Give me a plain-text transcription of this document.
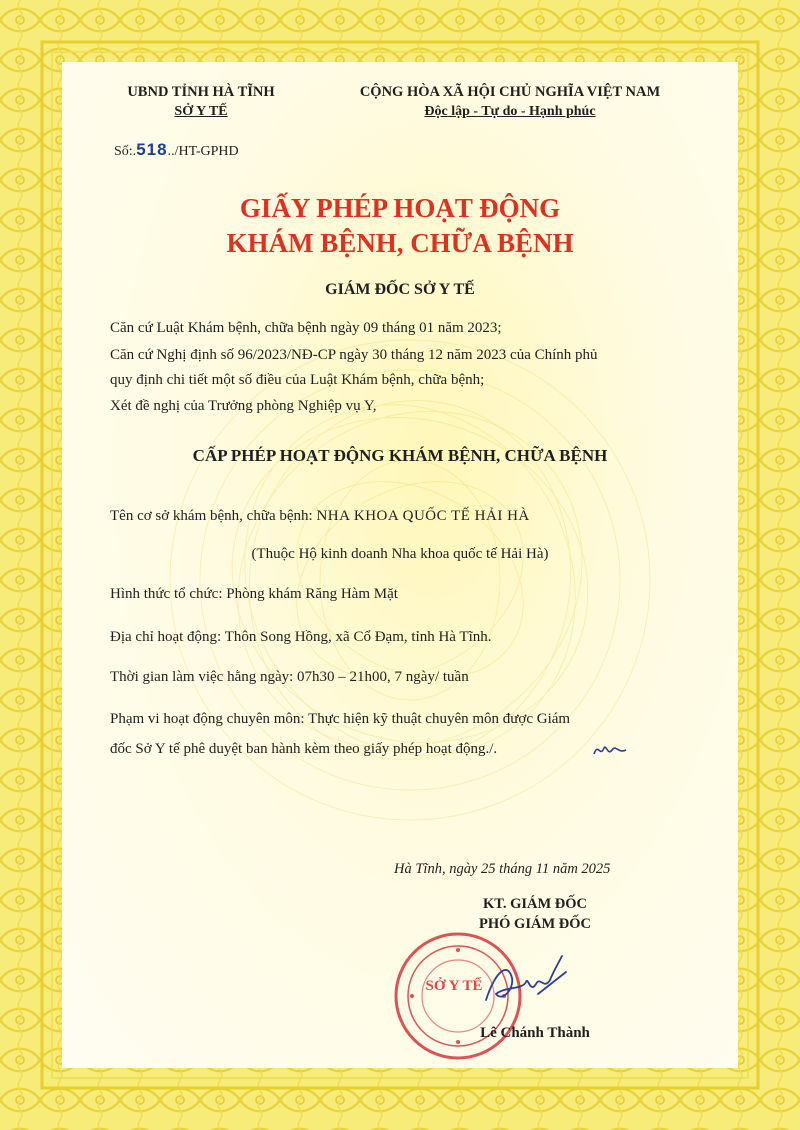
UBND TỈNH HÀ TĨNH
SỞ Y TẾ
Số:.518../HT-GPHD
CỘNG HÒA XÃ HỘI CHỦ NGHĨA VIỆT NAM
Độc lập - Tự do - Hạnh phúc
GIẤY PHÉP HOẠT ĐỘNG
KHÁM BỆNH, CHỮA BỆNH
GIÁM ĐỐC SỞ Y TẾ
Căn cứ Luật Khám bệnh, chữa bệnh ngày 09 tháng 01 năm 2023;
Căn cứ Nghị định số 96/2023/NĐ-CP ngày 30 tháng 12 năm 2023 của Chính phủ
quy định chi tiết một số điều của Luật Khám bệnh, chữa bệnh;
Xét đề nghị của Trưởng phòng Nghiệp vụ Y,
CẤP PHÉP HOẠT ĐỘNG KHÁM BỆNH, CHỮA BỆNH
Tên cơ sở khám bệnh, chữa bệnh: NHA KHOA QUỐC TẾ HẢI HÀ
(Thuộc Hộ kinh doanh Nha khoa quốc tế Hải Hà)
Hình thức tổ chức: Phòng khám Răng Hàm Mặt
Địa chỉ hoạt động: Thôn Song Hồng, xã Cổ Đạm, tỉnh Hà Tĩnh.
Thời gian làm việc hằng ngày: 07h30 – 21h00, 7 ngày/ tuần
Phạm vi hoạt động chuyên môn: Thực hiện kỹ thuật chuyên môn được Giám
đốc Sở Y tế phê duyệt ban hành kèm theo giấy phép hoạt động./.
Hà Tĩnh, ngày 25 tháng 11 năm 2025
KT. GIÁM ĐỐC
PHÓ GIÁM ĐỐC
SỞ Y TẾ
Lê Chánh Thành
